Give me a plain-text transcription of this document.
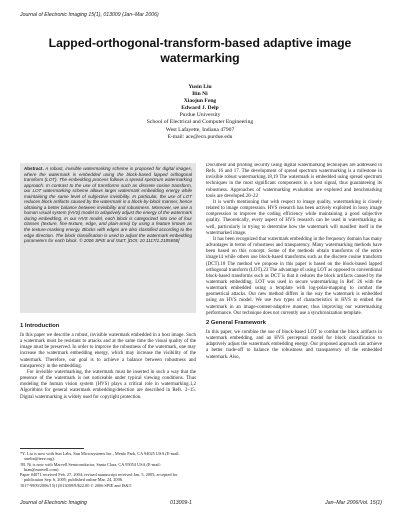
Journal of Electronic Imaging 15(1), 013009 (Jan–Mar 2006)
Lapped-orthogonal-transform-based adaptive image watermarking
Yusin Liu
Bin Ni
Xiaojun Feng
Edward J. Delp
Purdue University
School of Electrical and Computer Engineering
West Lafayette, Indiana 47907
E-mail: ace@ecn.purdue.edu
Abstract. A robust, invisible watermarking scheme is proposed for digital images, where the watermark is embedded using the block-based lapped orthogonal transform (LOT). The embedding process follows a spread spectrum watermarking approach. In contrast to the use of transforms such as discrete cosine transform, our LOT watermarking scheme allows larger watermark embedding energy while maintaining the same level of subjective invisibility. In particular, the use of LOT reduces block artifacts caused by the watermark in a block-by-block manner, hence obtaining a better balance between invisibility and robustness. Moreover, we use a human visual system (HVS) model to adaptively adjust the energy of the watermark during embedding. In our HVS model, each block is categorized into one of four classes (texture, fine-texture, edge, and plain-area) by using a feature known as the texture-masking energy. Blocks with edges are also classified according to the edge direction. The block classification is used to adjust the watermark embedding parameters for each block. © 2006 SPIE and IS&T. [DOI: 10.1117/1.2185658]
1 Introduction
In this paper we describe a robust, invisible watermark embedded in a host image. Such a watermark must be resistant to attacks and at the same time the visual quality of the image must be preserved. In order to improve the robustness of the watermark, one may increase the watermark embedding energy, which may increase the visibility of the watermark. Therefore, our goal is to achieve a balance between robustness and transparency in the embedding.
For invisible watermarking, the watermark must be inserted in such a way that the presence of the watermark is not noticeable under typical viewing conditions. Thus modeling the human vision system (HVS) plays a critical role in watermarking.1,2 Algorithms for general watermark embedding/detection are described in Refs. 3–15. Digital watermarking is widely used for copyright protection.
*Y. Liu is now with Sun Labs, Sun Microsystems Inc., Menlo Park, CA 94025 USA (E-mail: xuelin@ieee.org).
†B. Ni is now with Marvell Semiconductor, Santa Clara, CA 95054 USA (E-mail: bian@marvell.com)
Paper 04071 received Feb. 27, 2004; revised manuscript received Jan. 5, 2005; accepted for publication Sep. 6, 2005; published online Mar. 24, 2006.
1017-9909/2006/15(1)/013009/9/$22.00 © 2006 SPIE and IS&T.
Document and printing security using digital watermarking techniques are addressed in Refs. 16 and 17. The development of spread spectrum watermarking is a milestone in invisible robust watermarking.18,19 The watermark is embedded using spread spectrum techniques in the most significant components in a host signal, thus guaranteeing its robustness. Approaches of watermarking evaluation are explored and benchmarking tools are developed.20–22
It is worth mentioning that with respect to image quality, watermarking is closely related to image compression. HVS research has been actively exploited in lossy image compression to improve the coding efficiency while maintaining a good subjective quality. Theoretically, every aspect of HVS research can be used in watermarking as well, particularly in trying to determine how the watermark will manifest itself in the watermarked image.
It has been recognized that watermark embedding in the frequency domain has many advantages in terms of robustness and transparency. Many watermarking methods have been based on this concept. Some of the methods obtain transforms of the entire image14 while others use block-based transforms such as the discrete cosine transform (DCT).18 The method we propose in this paper is based on the block-based lapped orthogonal transform (LOT).23 The advantage of using LOT as opposed to conventional block-based transforms such as DCT is that it reduces the block artifacts caused by the watermark embedding. LOT was used in secure watermarking in Ref. 26 with the watermark embedded using a template with log-polar-mapping to combat the geometrical attacks. Our new method differs in the way the watermark is embedded using an HVS model. We use two types of characteristics in HVS to embed the watermark in an image-content-adaptive manner, thus improving our watermarking performance. Our technique does not currently use a synchronization template.
2 General Framework
In this paper, we combine the use of block-based LOT to combat the block artifacts in watermark embedding, and an HVS perceptual model for block classification to adaptively adjust the watermark embedding energy. Our proposed approach can achieve a better trade-off to balance the robustness and transparency of the embedded watermark. Also,
Journal of Electronic Imaging	013009-1	Jan–Mar 2006/Vol. 15(1)
